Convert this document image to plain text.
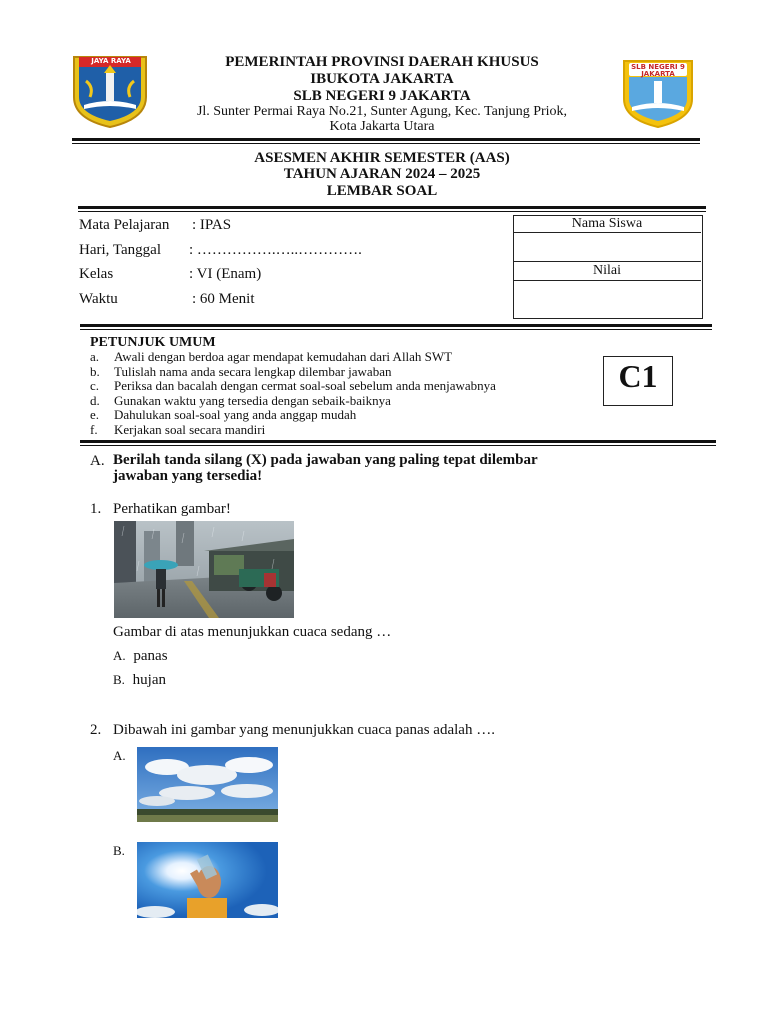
JAYA RAYA	PEMERINTAH PROVINSI DAERAH KHUSUS
IBUKOTA JAKARTA
SLB NEGERI 9 JAKARTA
Jl. Sunter Permai Raya No.21, Sunter Agung, Kec. Tanjung Priok,
Kota Jakarta Utara
SLB NEGERI 9 JAKARTA
ASESMEN AKHIR SEMESTER (AAS)
TAHUN AJARAN 2024 – 2025
LEMBAR SOAL
Mata Pelajaran : IPAS
Hari, Tanggal : …………….…..………….
Kelas	: VI (Enam)
Waktu	: 60 Menit
Nama Siswa
Nilai
PETUNJUK UMUM
a. Awali dengan berdoa agar mendapat kemudahan dari Allah SWT
b. Tulislah nama anda secara lengkap dilembar jawaban
c. Periksa dan bacalah dengan cermat soal-soal sebelum anda menjawabnya
d. Gunakan waktu yang tersedia dengan sebaik-baiknya
e. Dahulukan soal-soal yang anda anggap mudah
f. Kerjakan soal secara mandiri
C1
A. Berilah tanda silang (X) pada jawaban yang paling tepat dilembar
jawaban yang tersedia!
1. Perhatikan gambar!
Gambar di atas menunjukkan cuaca sedang …
A. panas
B. hujan
2. Dibawah ini gambar yang menunjukkan cuaca panas adalah ….
A.
B.
